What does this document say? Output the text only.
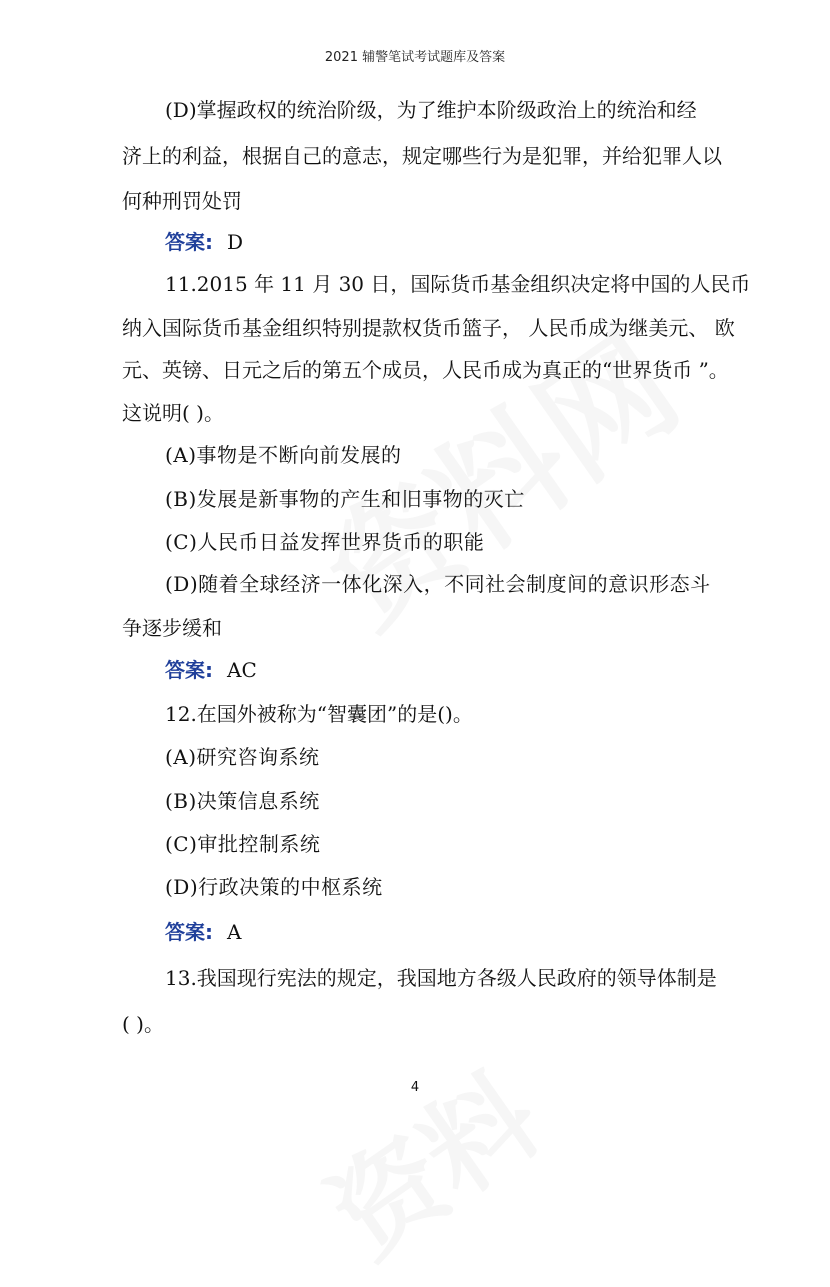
2021 辅警笔试考试题库及答案
(D)掌握政权的统治阶级，为了维护本阶级政治上的统治和经
济上的利益，根据自己的意志，规定哪些行为是犯罪，并给犯罪人以
何种刑罚处罚
答案: D
11.2015 年 11 月 30 日，国际货币基金组织决定将中国的人民币
纳入国际货币基金组织特别提款权货币篮子， 人民币成为继美元、 欧
元、英镑、日元之后的第五个成员，人民币成为真正的“世界货币 ”。
这说明( )。
(A)事物是不断向前发展的
(B)发展是新事物的产生和旧事物的灭亡
(C)人民币日益发挥世界货币的职能
(D)随着全球经济一体化深入，不同社会制度间的意识形态斗
争逐步缓和
答案: AC
12.在国外被称为“智囊团”的是()。
(A)研究咨询系统
(B)决策信息系统
(C)审批控制系统
(D)行政决策的中枢系统
答案: A
13.我国现行宪法的规定，我国地方各级人民政府的领导体制是
( )。
4
